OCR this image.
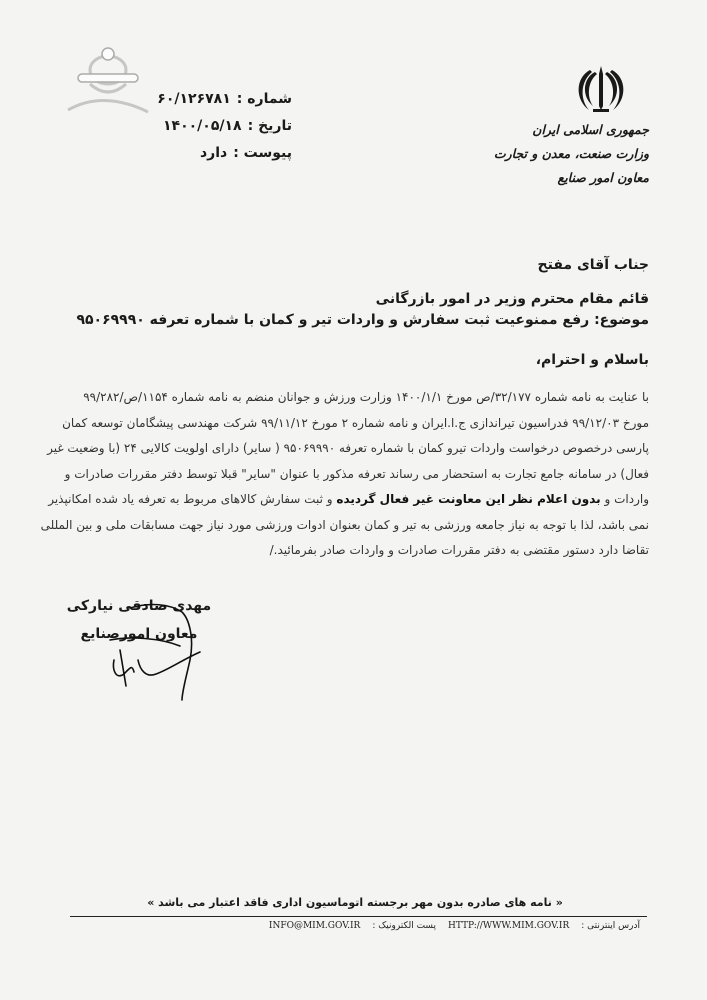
شماره :
۶۰/۱۲۶۷۸۱
تاریخ :
۱۴۰۰/۰۵/۱۸
پیوست :
دارد
جمهوری اسلامی ایران
وزارت صنعت، معدن و تجارت
معاون امور صنایع
جناب آقای مفتح
قائم مقام محترم وزیر در امور بازرگانی
موضوع: رفع ممنوعیت ثبت سفارش و واردات تیر و کمان با شماره تعرفه ۹۵۰۶۹۹۹۰
باسلام و احترام،
با عنایت به نامه شماره ۳۲/۱۷۷/ص مورخ ۱۴۰۰/۱/۱ وزارت ورزش و جوانان منضم به نامه شماره ۱۱۵۴/ص/۹۹/۲۸۲
مورخ ۹۹/۱۲/۰۳ فدراسیون تیراندازی ج.ا.ایران و نامه شماره ۲ مورخ ۹۹/۱۱/۱۲ شرکت مهندسی پیشگامان توسعه کمان
پارسی درخصوص درخواست واردات تیرو کمان با شماره تعرفه ۹۵۰۶۹۹۹۰ ( سایر) دارای اولویت کالایی ۲۴ (با وضعیت غیر
فعال) در سامانه جامع تجارت به استحضار می رساند تعرفه مذکور با عنوان "سایر" قبلا توسط دفتر مقررات صادرات و
واردات و بدون اعلام نظر این معاونت غیر فعال گردیده و ثبت سفارش کالاهای مربوط به تعرفه یاد شده امکانپذیر
نمی باشد، لذا با توجه به نیاز جامعه ورزشی به تیر و کمان بعنوان ادوات ورزشی مورد نیاز جهت مسابقات ملی و بین المللی
تقاضا دارد دستور مقتضی به دفتر مقررات صادرات و واردات صادر بفرمائید./
مهدی صادقی نیارکی
معاون امورصنایع
« نامه های صادره بدون مهر برجسته اتوماسیون اداری فاقد اعتبار می باشد »
آدرس اینترنتی :
HTTP://WWW.MIM.GOV.IR
پست الکترونیک :
INFO@MIM.GOV.IR
